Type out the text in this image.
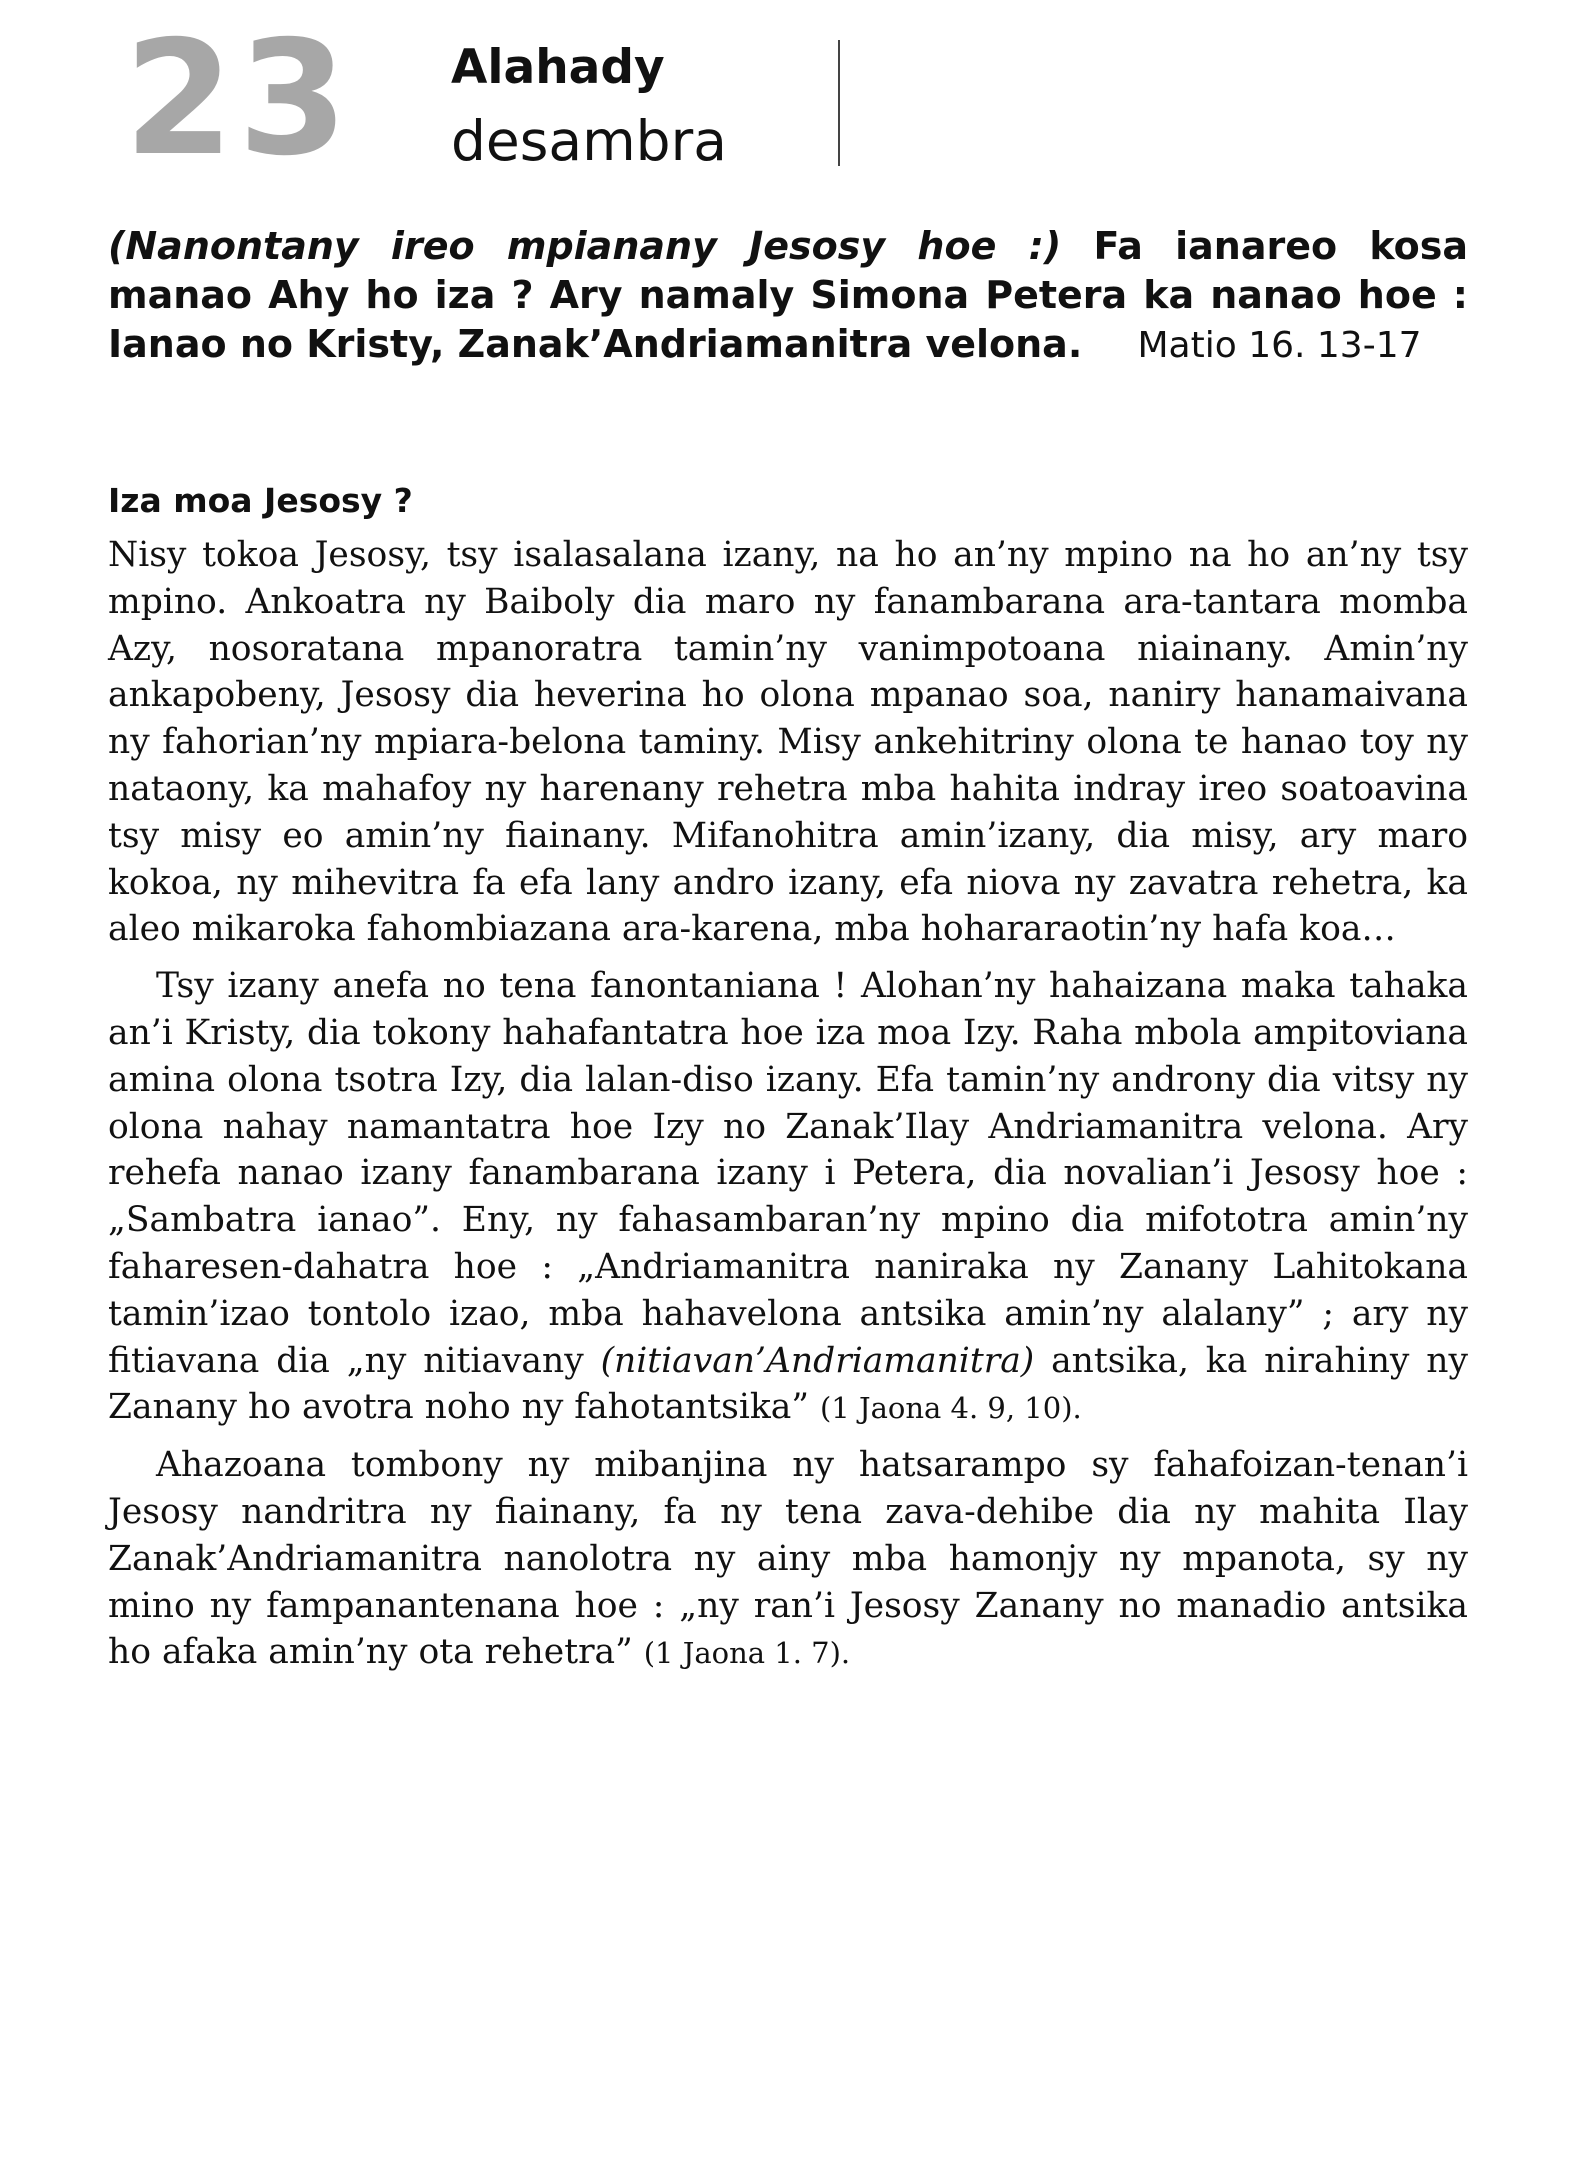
23 Alahady
desambra
(Nanontany ireo mpianany Jesosy hoe :) Fa ianareo kosa manao Ahy ho iza ? Ary namaly Simona Petera ka nanao hoe : Ianao no Kristy, Zanak’Andriamanitra velona. Matio 16. 13-17
Iza moa Jesosy ?

Nisy tokoa Jesosy, tsy isalasalana izany, na ho an’ny mpino na ho an’ny tsy mpino. Ankoatra ny Baiboly dia maro ny fanambarana ara-tantara momba Azy, nosoratana mpanoratra tamin’ny vanimpotoana niainany. Amin’ny ankapobeny, Jesosy dia heverina ho olona mpanao soa, naniry hanamaivana ny fahorian’ny mpiara-belona taminy. Misy ankehitriny olona te hanao toy ny nataony, ka mahafoy ny harenany rehetra mba hahita indray ireo soatoavina tsy misy eo amin’ny fiainany. Mifanohitra amin’izany, dia misy, ary maro kokoa, ny mihevitra fa efa lany andro izany, efa niova ny zavatra rehetra, ka aleo mikaroka fahombiazana ara-karena, mba hohararaotin’ny hafa koa…

Tsy izany anefa no tena fanontaniana ! Alohan’ny hahaizana maka tahaka an’i Kristy, dia tokony hahafantatra hoe iza moa Izy. Raha mbola ampitoviana amina olona tsotra Izy, dia lalan-diso izany. Efa tamin’ny androny dia vitsy ny olona nahay namantatra hoe Izy no Zanak’Ilay Andriamanitra velona. Ary rehefa nanao izany fanambarana izany i Petera, dia novalian’i Jesosy hoe : „Sambatra ianao”. Eny, ny fahasambaran’ny mpino dia mifototra amin’ny faharesen-dahatra hoe : „Andriamanitra naniraka ny Zanany Lahitokana tamin’izao tontolo izao, mba hahavelona antsika amin’ny alalany” ; ary ny fitiavana dia „ny nitiavany (nitiavan’Andriamanitra) antsika, ka nirahiny ny Zanany ho avotra noho ny fahotantsika” (1 Jaona 4. 9, 10).

Ahazoana tombony ny mibanjina ny hatsarampo sy fahafoizan-tenan’i Jesosy nandritra ny fiainany, fa ny tena zava-dehibe dia ny mahita Ilay Zanak’Andriamanitra nanolotra ny ainy mba hamonjy ny mpanota, sy ny mino ny fampanantenana hoe : „ny ran’i Jesosy Zanany no manadio antsika ho afaka amin’ny ota rehetra” (1 Jaona 1. 7).
